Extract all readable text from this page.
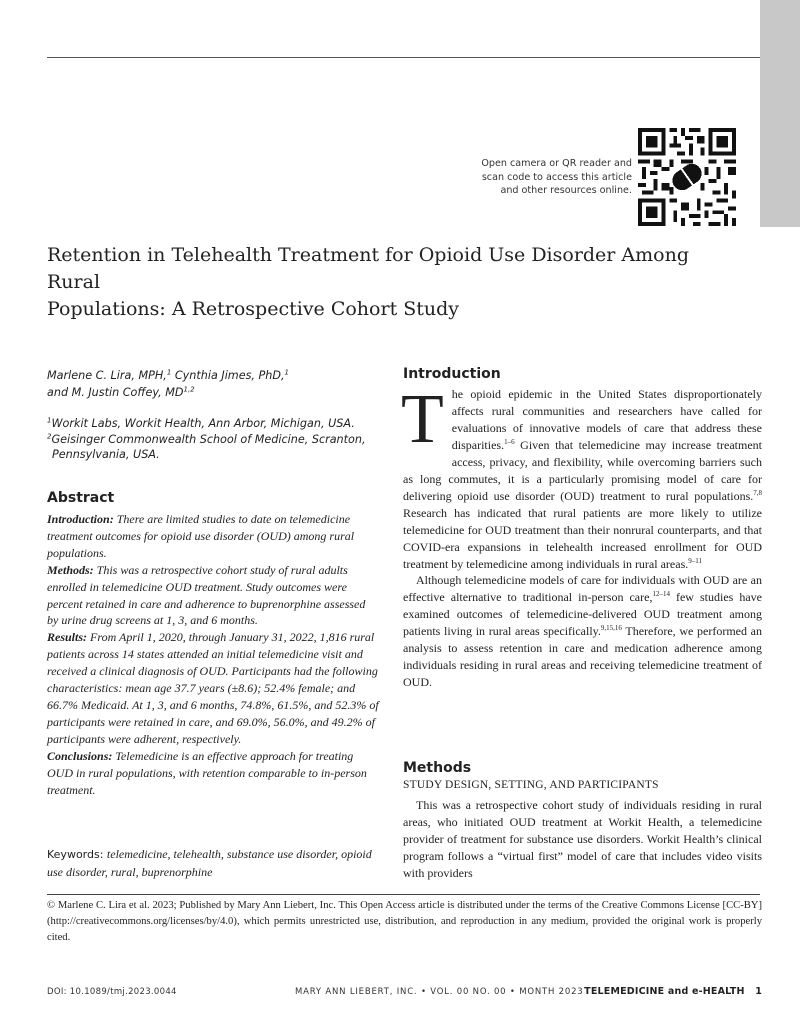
Open camera or QR reader and
scan code to access this article
and other resources online.
Retention in Telehealth Treatment for Opioid Use Disorder Among Rural
Populations: A Retrospective Cohort Study
Marlene C. Lira, MPH,$^1$ Cynthia Jimes, PhD,$^1$
and M. Justin Coffey, MD$^{1,2}$
$^1$Workit Labs, Workit Health, Ann Arbor, Michigan, USA.
$^2$Geisinger Commonwealth School of Medicine, Scranton,
Pennsylvania, USA.
Abstract
Introduction: There are limited studies to date on telemedicine treatment outcomes for opioid use disorder (OUD) among rural populations.
Methods: This was a retrospective cohort study of rural adults enrolled in telemedicine OUD treatment. Study outcomes were percent retained in care and adherence to buprenorphine assessed by urine drug screens at 1, 3, and 6 months.
Results: From April 1, 2020, through January 31, 2022, 1,816 rural patients across 14 states attended an initial telemedicine visit and received a clinical diagnosis of OUD. Participants had the following characteristics: mean age 37.7 years (±8.6); 52.4% female; and 66.7% Medicaid. At 1, 3, and 6 months, 74.8%, 61.5%, and 52.3% of participants were retained in care, and 69.0%, 56.0%, and 49.2% of participants were adherent, respectively.
Conclusions: Telemedicine is an effective approach for treating OUD in rural populations, with retention comparable to in-person treatment.
Keywords: telemedicine, telehealth, substance use disorder, opioid use disorder, rural, buprenorphine
Introduction

The opioid epidemic in the United States disproportionately affects rural communities and researchers have called for evaluations of innovative models of care that address these disparities.$^{1-6}$ Given that telemedicine may increase treatment access, privacy, and flexibility, while overcoming barriers such as long commutes, it is a particularly promising model of care for delivering opioid use disorder (OUD) treatment to rural populations.$^{7,8}$ Research has indicated that rural patients are more likely to utilize telemedicine for OUD treatment than their nonrural counterparts, and that COVID-era expansions in telehealth increased enrollment for OUD treatment by telemedicine among individuals in rural areas.$^{9-11}$

Although telemedicine models of care for individuals with OUD are an effective alternative to traditional in-person care,$^{12-14}$ few studies have examined outcomes of telemedicine-delivered OUD treatment among patients living in rural areas specifically.$^{9,15,16}$ Therefore, we performed an analysis to assess retention in care and medication adherence among individuals residing in rural areas and receiving telemedicine treatment of OUD.

Methods
STUDY DESIGN, SETTING, AND PARTICIPANTS

This was a retrospective cohort study of individuals residing in rural areas, who initiated OUD treatment at Workit Health, a telemedicine provider of treatment for substance use disorders. Workit Health’s clinical program follows a “virtual first” model of care that includes video visits with providers

© Marlene C. Lira et al. 2023; Published by Mary Ann Liebert, Inc. This Open Access article is distributed under the terms of the Creative Commons License [CC-BY] (http://creativecommons.org/licenses/by/4.0), which permits unrestricted use, distribution, and reproduction in any medium, provided the original work is properly cited.
DOI: 10.1089/tmj.2023.0044	MARY ANN LIEBERT, INC. • VOL. 00 NO. 00 • MONTH 2023 TELEMEDICINE and e-HEALTH 1
